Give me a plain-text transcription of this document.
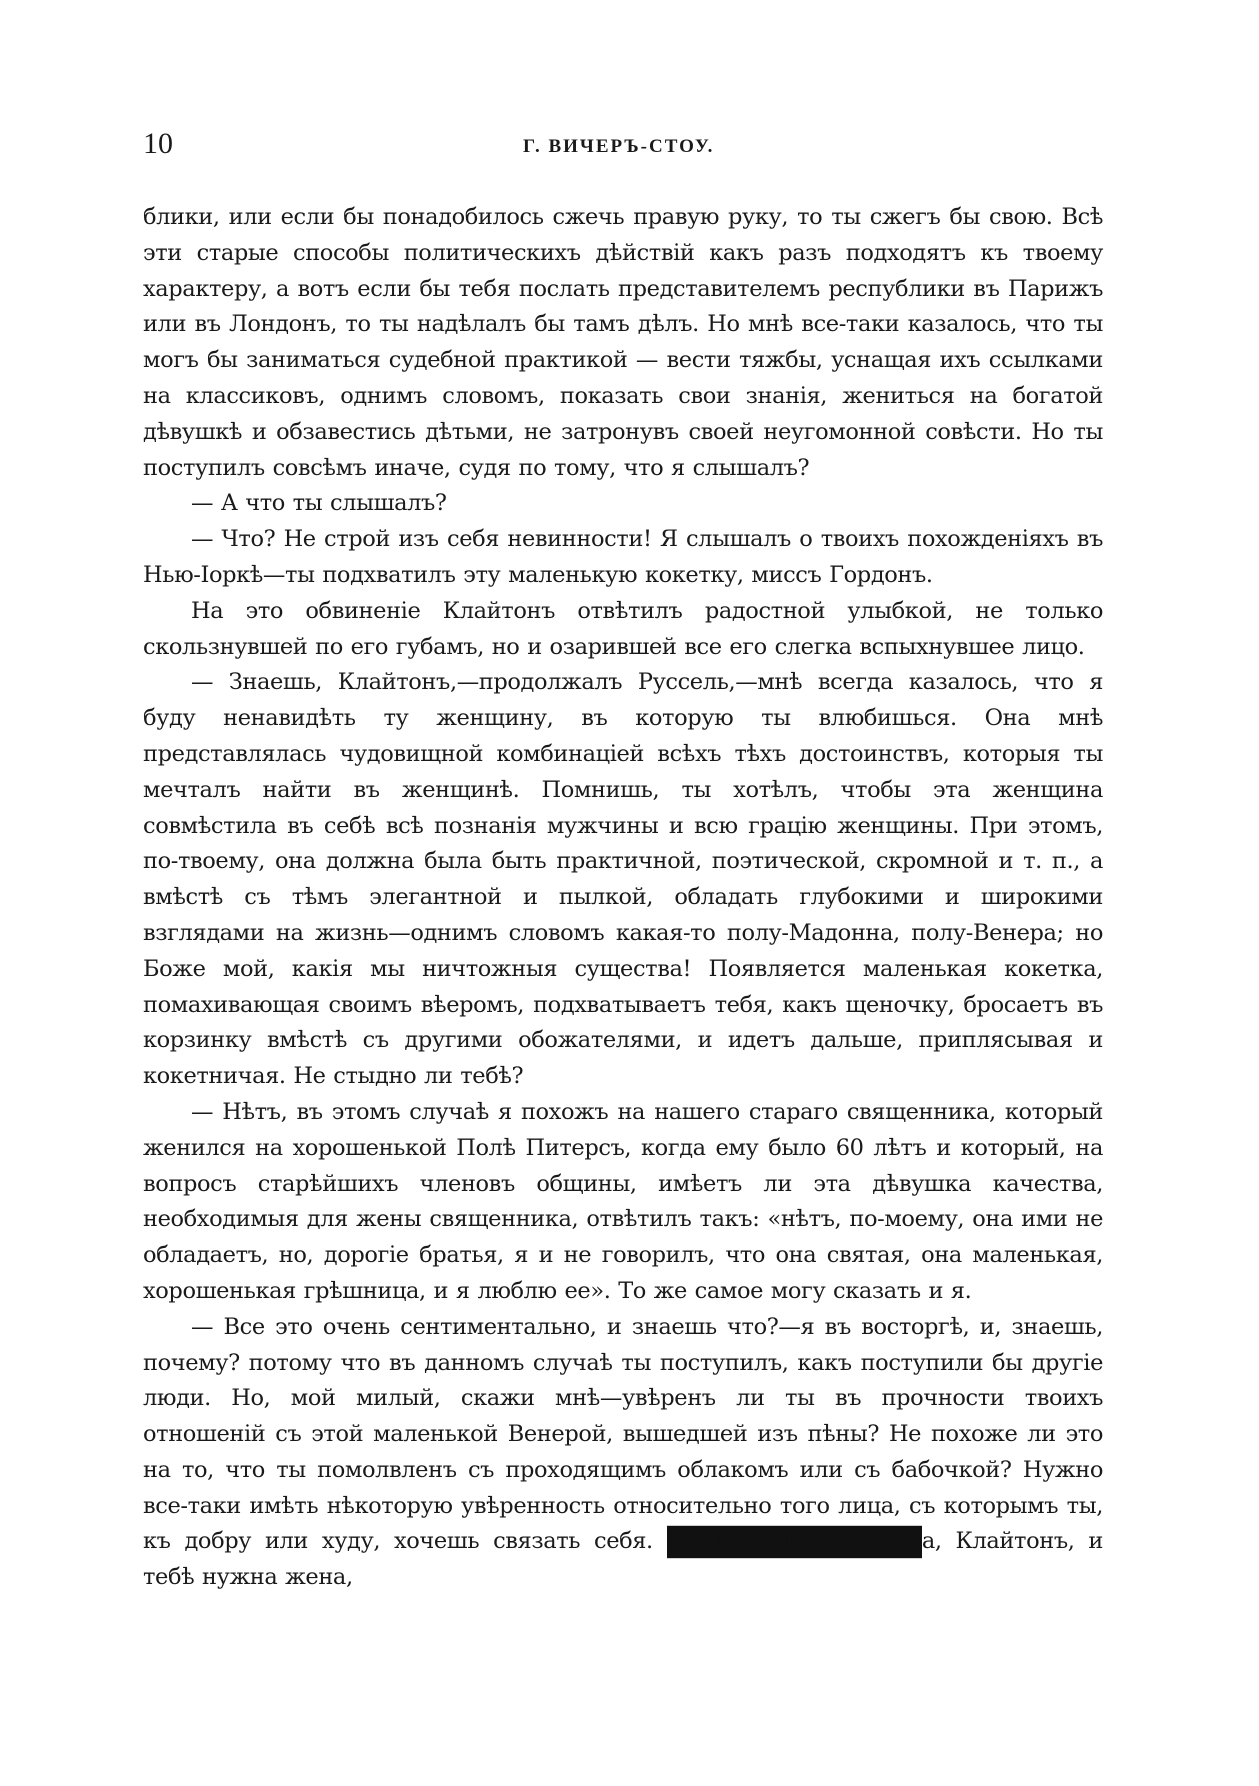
10	Г. ВИЧЕРЪ-СТОУ.

блики, или если бы понадобилось сжечь правую руку, то ты сжегъ бы свою. Всѣ эти старые способы политическихъ дѣйствій какъ разъ подходятъ къ твоему характеру, а вотъ если бы тебя послать представителемъ республики въ Парижъ или въ Лондонъ, то ты надѣлалъ бы тамъ дѣлъ. Но мнѣ все-таки казалось, что ты могъ бы заниматься судебной практикой — вести тяжбы, уснащая ихъ ссылками на классиковъ, однимъ словомъ, показать свои знанія, жениться на богатой дѣвушкѣ и обзавестись дѣтьми, не затронувъ своей неугомонной совѣсти. Но ты поступилъ совсѣмъ иначе, судя по тому, что я слышалъ?

— А что ты слышалъ?

— Что? Не строй изъ себя невинности! Я слышалъ о твоихъ похожденіяхъ въ Нью-Іоркѣ—ты подхватилъ эту маленькую кокетку, миссъ Гордонъ.

На это обвиненіе Клайтонъ отвѣтилъ радостной улыбкой, не только скользнувшей по его губамъ, но и озарившей все его слегка вспыхнувшее лицо.

— Знаешь, Клайтонъ,—продолжалъ Руссель,—мнѣ всегда казалось, что я буду ненавидѣть ту женщину, въ которую ты влюбишься. Она мнѣ представлялась чудовищной комбинаціей всѣхъ тѣхъ достоинствъ, которыя ты мечталъ найти въ женщинѣ. Помнишь, ты хотѣлъ, чтобы эта женщина совмѣстила въ себѣ всѣ познанія мужчины и всю грацію женщины. При этомъ, по-твоему, она должна была быть практичной, поэтической, скромной и т. п., а вмѣстѣ съ тѣмъ элегантной и пылкой, обладать глубокими и широкими взглядами на жизнь—однимъ словомъ какая-то полу-Мадонна, полу-Венера; но Боже мой, какія мы ничтожныя существа! Появляется маленькая кокетка, помахивающая своимъ вѣеромъ, подхватываетъ тебя, какъ щеночку, бросаетъ въ корзинку вмѣстѣ съ другими обожателями, и идетъ дальше, приплясывая и кокетничая. Не стыдно ли тебѣ?

— Нѣтъ, въ этомъ случаѣ я похожъ на нашего стараго священника, который женился на хорошенькой Полѣ Питерсъ, когда ему было 60 лѣтъ и который, на вопросъ старѣйшихъ членовъ общины, имѣетъ ли эта дѣвушка качества, необходимыя для жены священника, отвѣтилъ такъ: «нѣтъ, по-моему, она ими не обладаетъ, но, дорогіе братья, я и не говорилъ, что она святая, она маленькая, хорошенькая грѣшница, и я люблю ее». То же самое могу сказать и я.

— Все это очень сентиментально, и знаешь что?—я въ восторгѣ, и, знаешь, почему? потому что въ данномъ случаѣ ты поступилъ, какъ поступили бы другіе люди. Но, мой милый, скажи мнѣ—увѣренъ ли ты въ прочности твоихъ отношеній съ этой маленькой Венерой, вышедшей изъ пѣны? Не похоже ли это на то, что ты помолвленъ съ проходящимъ облакомъ или съ бабочкой? Нужно все-таки имѣть нѣкоторую увѣренность относительно того лица, съ которымъ ты, къ добру или худу, хочешь связать себя.	БИБЛИОТЕКАа, Клайтонъ, и тебѣ нужна жена,
